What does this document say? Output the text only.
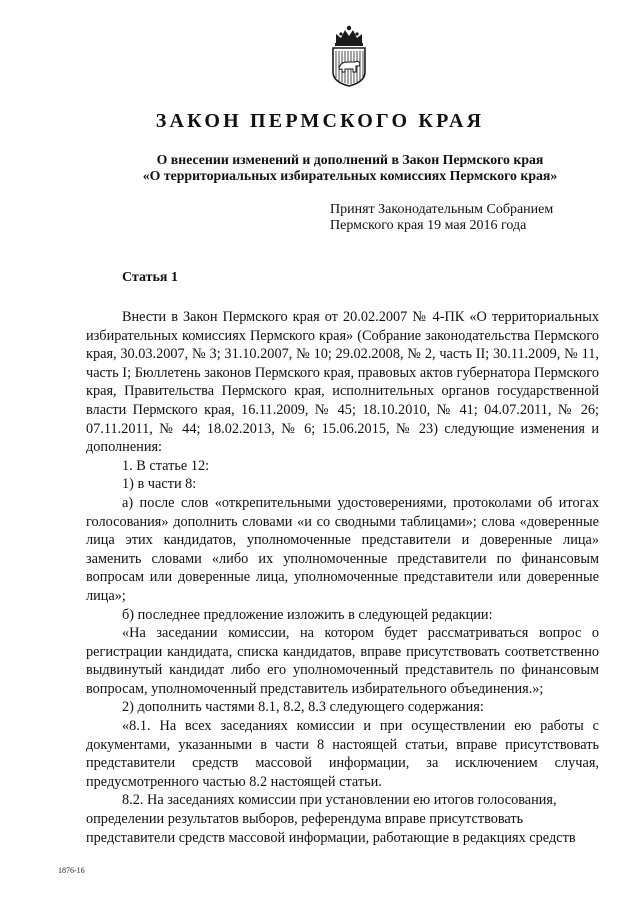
ЗАКОН ПЕРМСКОГО КРАЯ
О внесении изменений и дополнений в Закон Пермского края
«О территориальных избирательных комиссиях Пермского края»
Принят Законодательным Собранием
Пермского края 19 мая 2016 года
Статья 1

Внести в Закон Пермского края от 20.02.2007 № 4-ПК «О территориальных избирательных комиссиях Пермского края» (Собрание законодательства Пермского края, 30.03.2007, № 3; 31.10.2007, № 10; 29.02.2008, № 2, часть II; 30.11.2009, № 11, часть I; Бюллетень законов Пермского края, правовых актов губернатора Пермского края, Правительства Пермского края, исполнительных органов государственной власти Пермского края, 16.11.2009, № 45; 18.10.2010, № 41; 04.07.2011, № 26; 07.11.2011, № 44; 18.02.2013, № 6; 15.06.2015, № 23) следующие изменения и дополнения:

1. В статье 12:

1) в части 8:

а) после слов «открепительными удостоверениями, протоколами об итогах голосования» дополнить словами «и со сводными таблицами»; слова «доверенные лица этих кандидатов, уполномоченные представители и доверенные лица» заменить словами «либо их уполномоченные представители по финансовым вопросам или доверенные лица, уполномоченные представители или доверенные лица»;

б) последнее предложение изложить в следующей редакции:

«На заседании комиссии, на котором будет рассматриваться вопрос о регистрации кандидата, списка кандидатов, вправе присутствовать соответственно выдвинутый кандидат либо его уполномоченный представитель по финансовым вопросам, уполномоченный представитель избирательного объединения.»;

2) дополнить частями 8.1, 8.2, 8.3 следующего содержания:

«8.1. На всех заседаниях комиссии и при осуществлении ею работы с документами, указанными в части 8 настоящей статьи, вправе присутствовать представители средств массовой информации, за исключением случая, предусмотренного частью 8.2 настоящей статьи.

8.2. На заседаниях комиссии при установлении ею итогов голосования, определении результатов выборов, референдума вправе присутствовать представители средств массовой информации, работающие в редакциях средств

1876-16
